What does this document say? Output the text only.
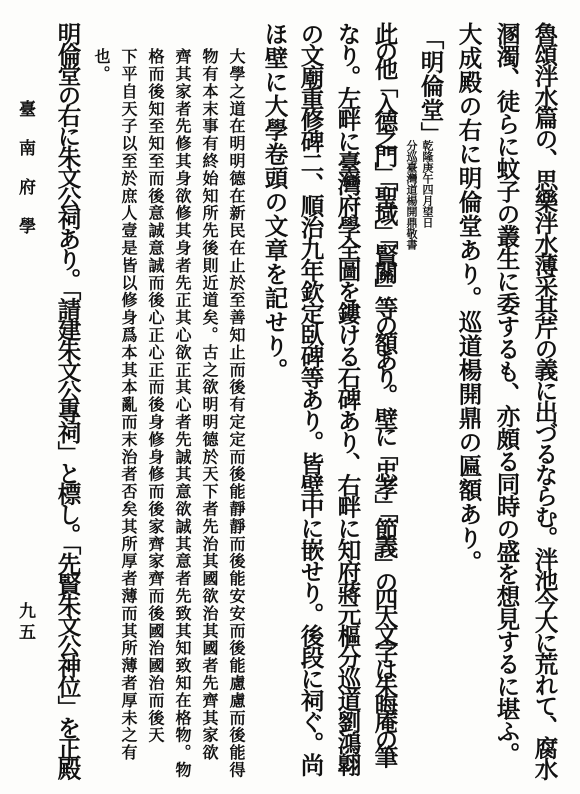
魯頌泮水篇の、思樂泮水薄采其芹の義に出づるならむ。泮池今大に荒れて、腐水
溷濁、徒らに蚊子の叢生に委するも、亦頗る同時の盛を想見するに堪ふ。
大成殿の右に明倫堂あり。巡道楊開鼎の匾額あり。
「明倫堂」
乾隆庚午四月望日
分巡臺灣道楊開鼎敬書
此の他「入德之門」「聖域」「賢關」等の額あり。　壁に「忠孝」「節義」の四大文字は朱晦庵の筆
なり。左畔に臺灣府學全圖を鏤ける石碑あり、右畔に知府蔣元樞分巡道劉鴻翺
の文廟重修碑二、順治九年欽定臥碑等あり。皆壁中に嵌せり。後段に祠ぐ。尚
ほ壁に大學卷頭の文章を記せり。
大學之道在明明德在新民在止於至善知止而後有定定而後能靜靜而後能安安而後能慮慮而後能得
物有本末事有終始知所先後則近道矣。古之欲明明德於天下者先治其國欲治其國者先齊其家欲
齊其家者先修其身欲修其身者先正其心欲正其心者先誠其意欲誠其意者先致其知致知在格物。物
格而後知至知至而後意誠意誠而後心正心正而後身修身修而後家齊家齊而後國治國治而後天
下平自天子以至於庶人壹是皆以修身爲本其本亂而末治者否矣其所厚者薄而其所薄者厚未之有
也。
明倫堂の右に朱文公祠あり。「請建朱文公專祠」と標し。「先賢朱文公神位」を正殿
臺南府學
九五
